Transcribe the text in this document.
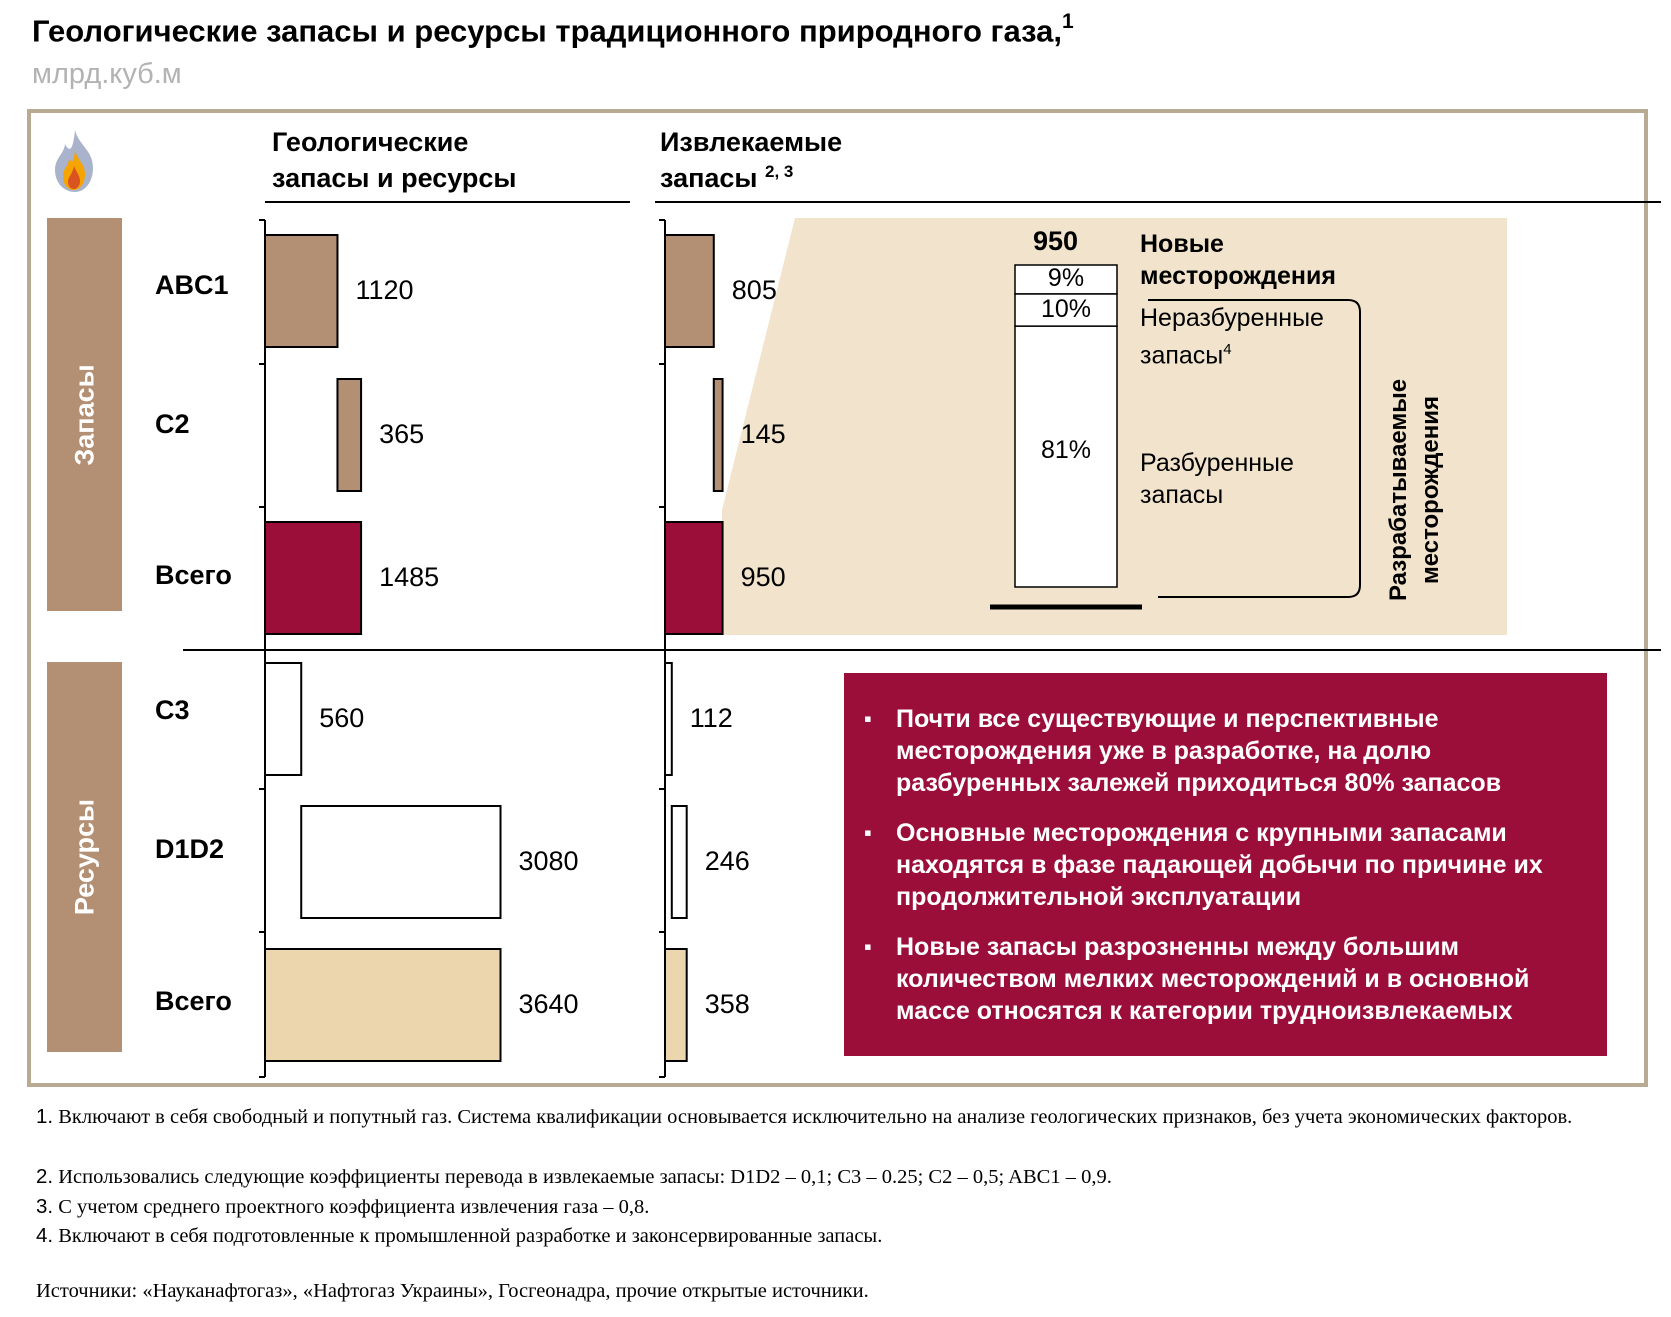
Геологические запасы и ресурсы традиционного природного газа,$^1$
млрд.куб.м
Геологические
запасы и ресурсы
Извлекаемые
запасы $^{2, 3}$
Запасы
Ресурсы
ABC1
C2
Всего
C3
D1D2
Всего
1120
365
1485
560
3080
3640
805
145
950
112
246
358
950 Новые
месторождения
Неразбуренные
запасы$^4$
Разбуренные
запасы	Разрабатываемые месторождения
9%
10%
81%
▪ Почти все существующие и перспективные месторождения уже в разработке, на долю разбуренных залежей приходиться 80% запасов
▪ Основные месторождения с крупными запасами находятся в фазе падающей добычи по причине их продолжительной эксплуатации
▪ Новые запасы разрозненны между большим количеством мелких месторождений и в основной массе относятся к категории трудноизвлекаемых
1. Включают в себя свободный и попутный газ. Система квалификации основывается исключительно на анализе геологических признаков, без учета экономических факторов.
2. Использовались следующие коэффициенты перевода в извлекаемые запасы: D1D2 – 0,1; C3 – 0.25; C2 – 0,5; ABC1 – 0,9.
3. С учетом среднего проектного коэффициента извлечения газа – 0,8.
4. Включают в себя подготовленные к промышленной разработке и законсервированные запасы.
Источники: «Науканафтогаз», «Нафтогаз Украины», Госгеонадра, прочие открытые источники.
